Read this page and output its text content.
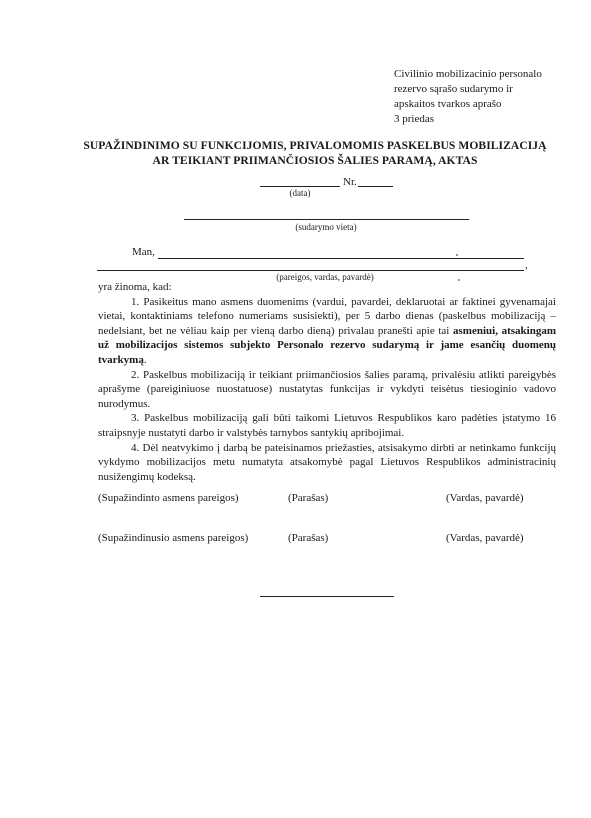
Civilinio mobilizacinio personalo
rezervo sąrašo sudarymo ir
apskaitos tvarkos aprašo
3 priedas
SUPAŽINDINIMO SU FUNKCIJOMIS, PRIVALOMOMIS PASKELBUS MOBILIZACIJĄ
AR TEIKIANT PRIIMANČIOSIOS ŠALIES PARAMĄ, AKTAS
Nr.
(data)
(sudarymo vieta)
Man,
,
(pareigos, vardas, pavardė)

yra žinoma, kad:

1. Pasikeitus mano asmens duomenims (vardui, pavardei, deklaruotai ar faktinei gyvenamajai vietai, kontaktiniams telefono numeriams susisiekti), per 5 darbo dienas (paskelbus mobilizaciją – nedelsiant, bet ne vėliau kaip per vieną darbo dieną) privalau pranešti apie tai asmeniui, atsakingam už mobilizacijos sistemos subjekto Personalo rezervo sudarymą ir jame esančių duomenų tvarkymą.

2. Paskelbus mobilizaciją ir teikiant priimančiosios šalies paramą, privalėsiu atlikti pareigybės aprašyme (pareiginiuose nuostatuose) nustatytas funkcijas ir vykdyti teisėtus tiesioginio vadovo nurodymus.

3. Paskelbus mobilizaciją gali būti taikomi Lietuvos Respublikos karo padėties įstatymo 16 straipsnyje nustatyti darbo ir valstybės tarnybos santykių apribojimai.

4. Dėl neatvykimo į darbą be pateisinamos priežasties, atsisakymo dirbti ar netinkamo funkcijų vykdymo mobilizacijos metu numatyta atsakomybė pagal Lietuvos Respublikos administracinių nusižengimų kodeksą.

(Supažindinto asmens pareigos)	(Parašas)	(Vardas, pavardė)
(Supažindinusio asmens pareigos)	(Parašas)	(Vardas, pavardė)
